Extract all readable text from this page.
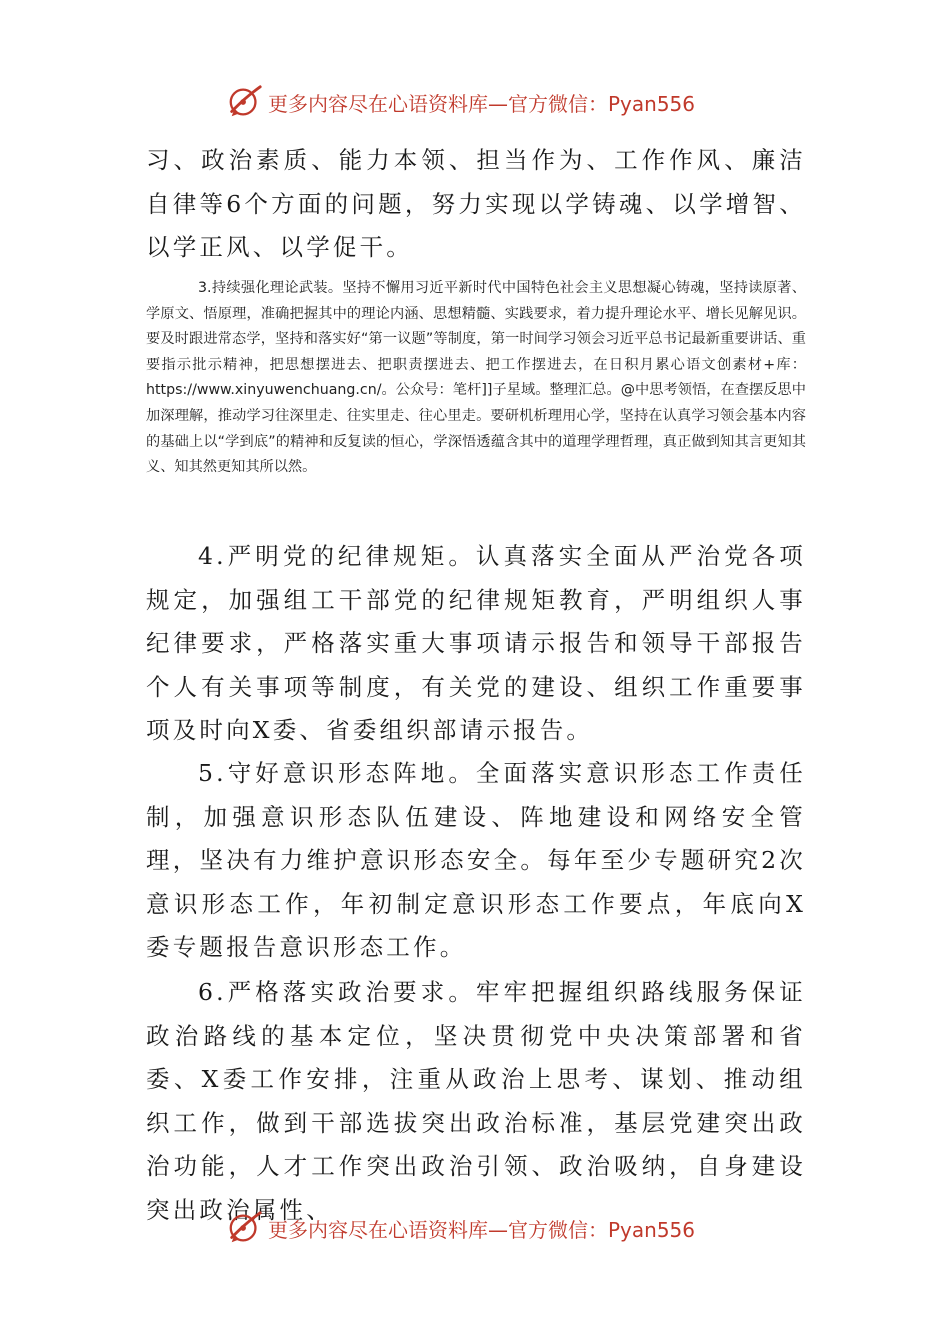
更多内容尽在心语资料库—官方微信：Pyan556

习、政治素质、能力本领、担当作为、工作作风、廉洁自律等6个方面的问题，努力实现以学铸魂、以学增智、以学正风、以学促干。

3.持续强化理论武装。坚持不懈用习近平新时代中国特色社会主义思想凝心铸魂，坚持读原著、学原文、悟原理，准确把握其中的理论内涵、思想精髓、实践要求，着力提升理论水平、增长见解见识。要及时跟进常态学，坚持和落实好“第一议题”等制度，第一时间学习领会习近平总书记最新重要讲话、重要指示批示精神，把思想摆进去、把职责摆进去、把工作摆进去，在日积月累心语文创素材+库：https://www.xinyuwenchuang.cn/。公众号：笔杆]]子星域。整理汇总。@中思考领悟，在查摆反思中加深理解，推动学习往深里走、往实里走、往心里走。要研机析理用心学，坚持在认真学习领会基本内容的基础上以“学到底”的精神和反复读的恒心，学深悟透蕴含其中的道理学理哲理，真正做到知其言更知其义、知其然更知其所以然。

4.严明党的纪律规矩。认真落实全面从严治党各项规定，加强组工干部党的纪律规矩教育，严明组织人事纪律要求，严格落实重大事项请示报告和领导干部报告个人有关事项等制度，有关党的建设、组织工作重要事项及时向X委、省委组织部请示报告。

5.守好意识形态阵地。全面落实意识形态工作责任制，加强意识形态队伍建设、阵地建设和网络安全管理，坚决有力维护意识形态安全。每年至少专题研究2次意识形态工作，年初制定意识形态工作要点，年底向X委专题报告意识形态工作。

6.严格落实政治要求。牢牢把握组织路线服务保证政治路线的基本定位，坚决贯彻党中央决策部署和省委、X委工作安排，注重从政治上思考、谋划、推动组织工作，做到干部选拔突出政治标准，基层党建突出政治功能，人才工作突出政治引领、政治吸纳，自身建设突出政治属性、

更多内容尽在心语资料库—官方微信：Pyan556
